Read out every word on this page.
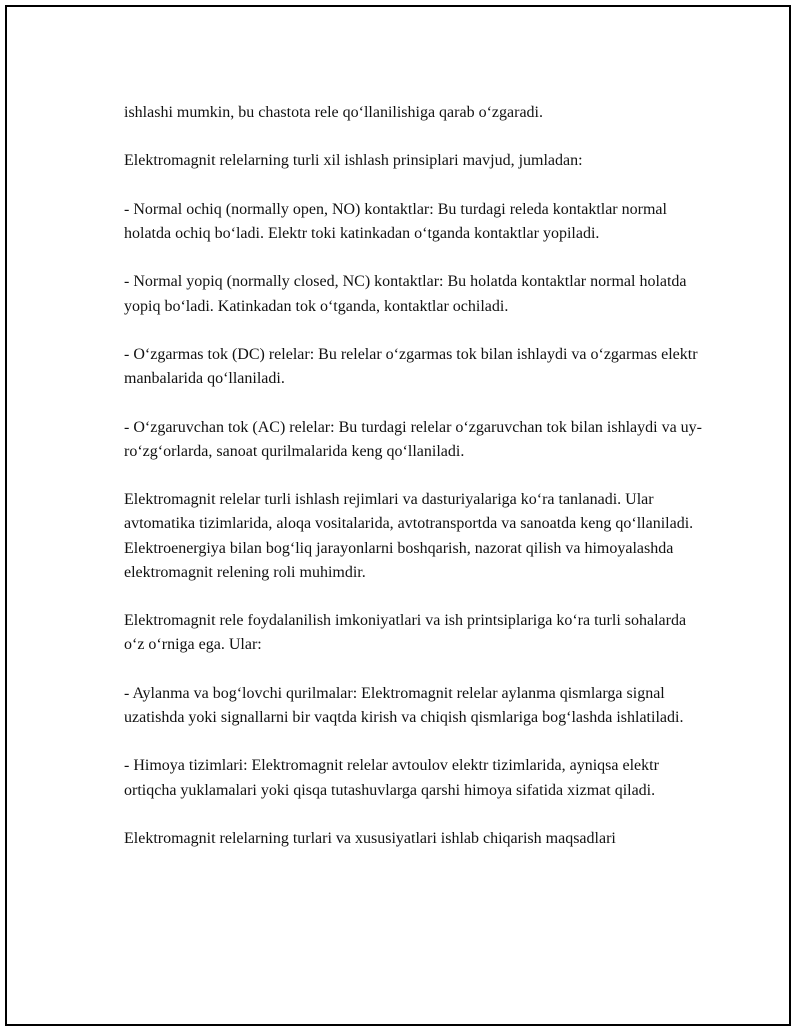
ishlashi mumkin, bu chastota rele qo‘llanilishiga qarab o‘zgaradi.

Elektromagnit relelarning turli xil ishlash prinsiplari mavjud, jumladan:

- Normal ochiq (normally open, NO) kontaktlar: Bu turdagi releda kontaktlar normal holatda ochiq bo‘ladi. Elektr toki katinkadan o‘tganda kontaktlar yopiladi.

- Normal yopiq (normally closed, NC) kontaktlar: Bu holatda kontaktlar normal holatda yopiq bo‘ladi. Katinkadan tok o‘tganda, kontaktlar ochiladi.

- O‘zgarmas tok (DC) relelar: Bu relelar o‘zgarmas tok bilan ishlaydi va o‘zgarmas elektr manbalarida qo‘llaniladi.

- O‘zgaruvchan tok (AC) relelar: Bu turdagi relelar o‘zgaruvchan tok bilan ishlaydi va uy-ro‘zg‘orlarda, sanoat qurilmalarida keng qo‘llaniladi.

Elektromagnit relelar turli ishlash rejimlari va dasturiyalariga ko‘ra tanlanadi. Ular avtomatika tizimlarida, aloqa vositalarida, avtotransportda va sanoatda keng qo‘llaniladi. Elektroenergiya bilan bog‘liq jarayonlarni boshqarish, nazorat qilish va himoyalashda elektromagnit relening roli muhimdir.

Elektromagnit rele foydalanilish imkoniyatlari va ish printsiplariga ko‘ra turli sohalarda o‘z o‘rniga ega. Ular:

- Aylanma va bog‘lovchi qurilmalar: Elektromagnit relelar aylanma qismlarga signal uzatishda yoki signallarni bir vaqtda kirish va chiqish qismlariga bog‘lashda ishlatiladi.

- Himoya tizimlari: Elektromagnit relelar avtoulov elektr tizimlarida, ayniqsa elektr ortiqcha yuklamalari yoki qisqa tutashuvlarga qarshi himoya sifatida xizmat qiladi.

Elektromagnit relelarning turlari va xususiyatlari ishlab chiqarish maqsadlari
